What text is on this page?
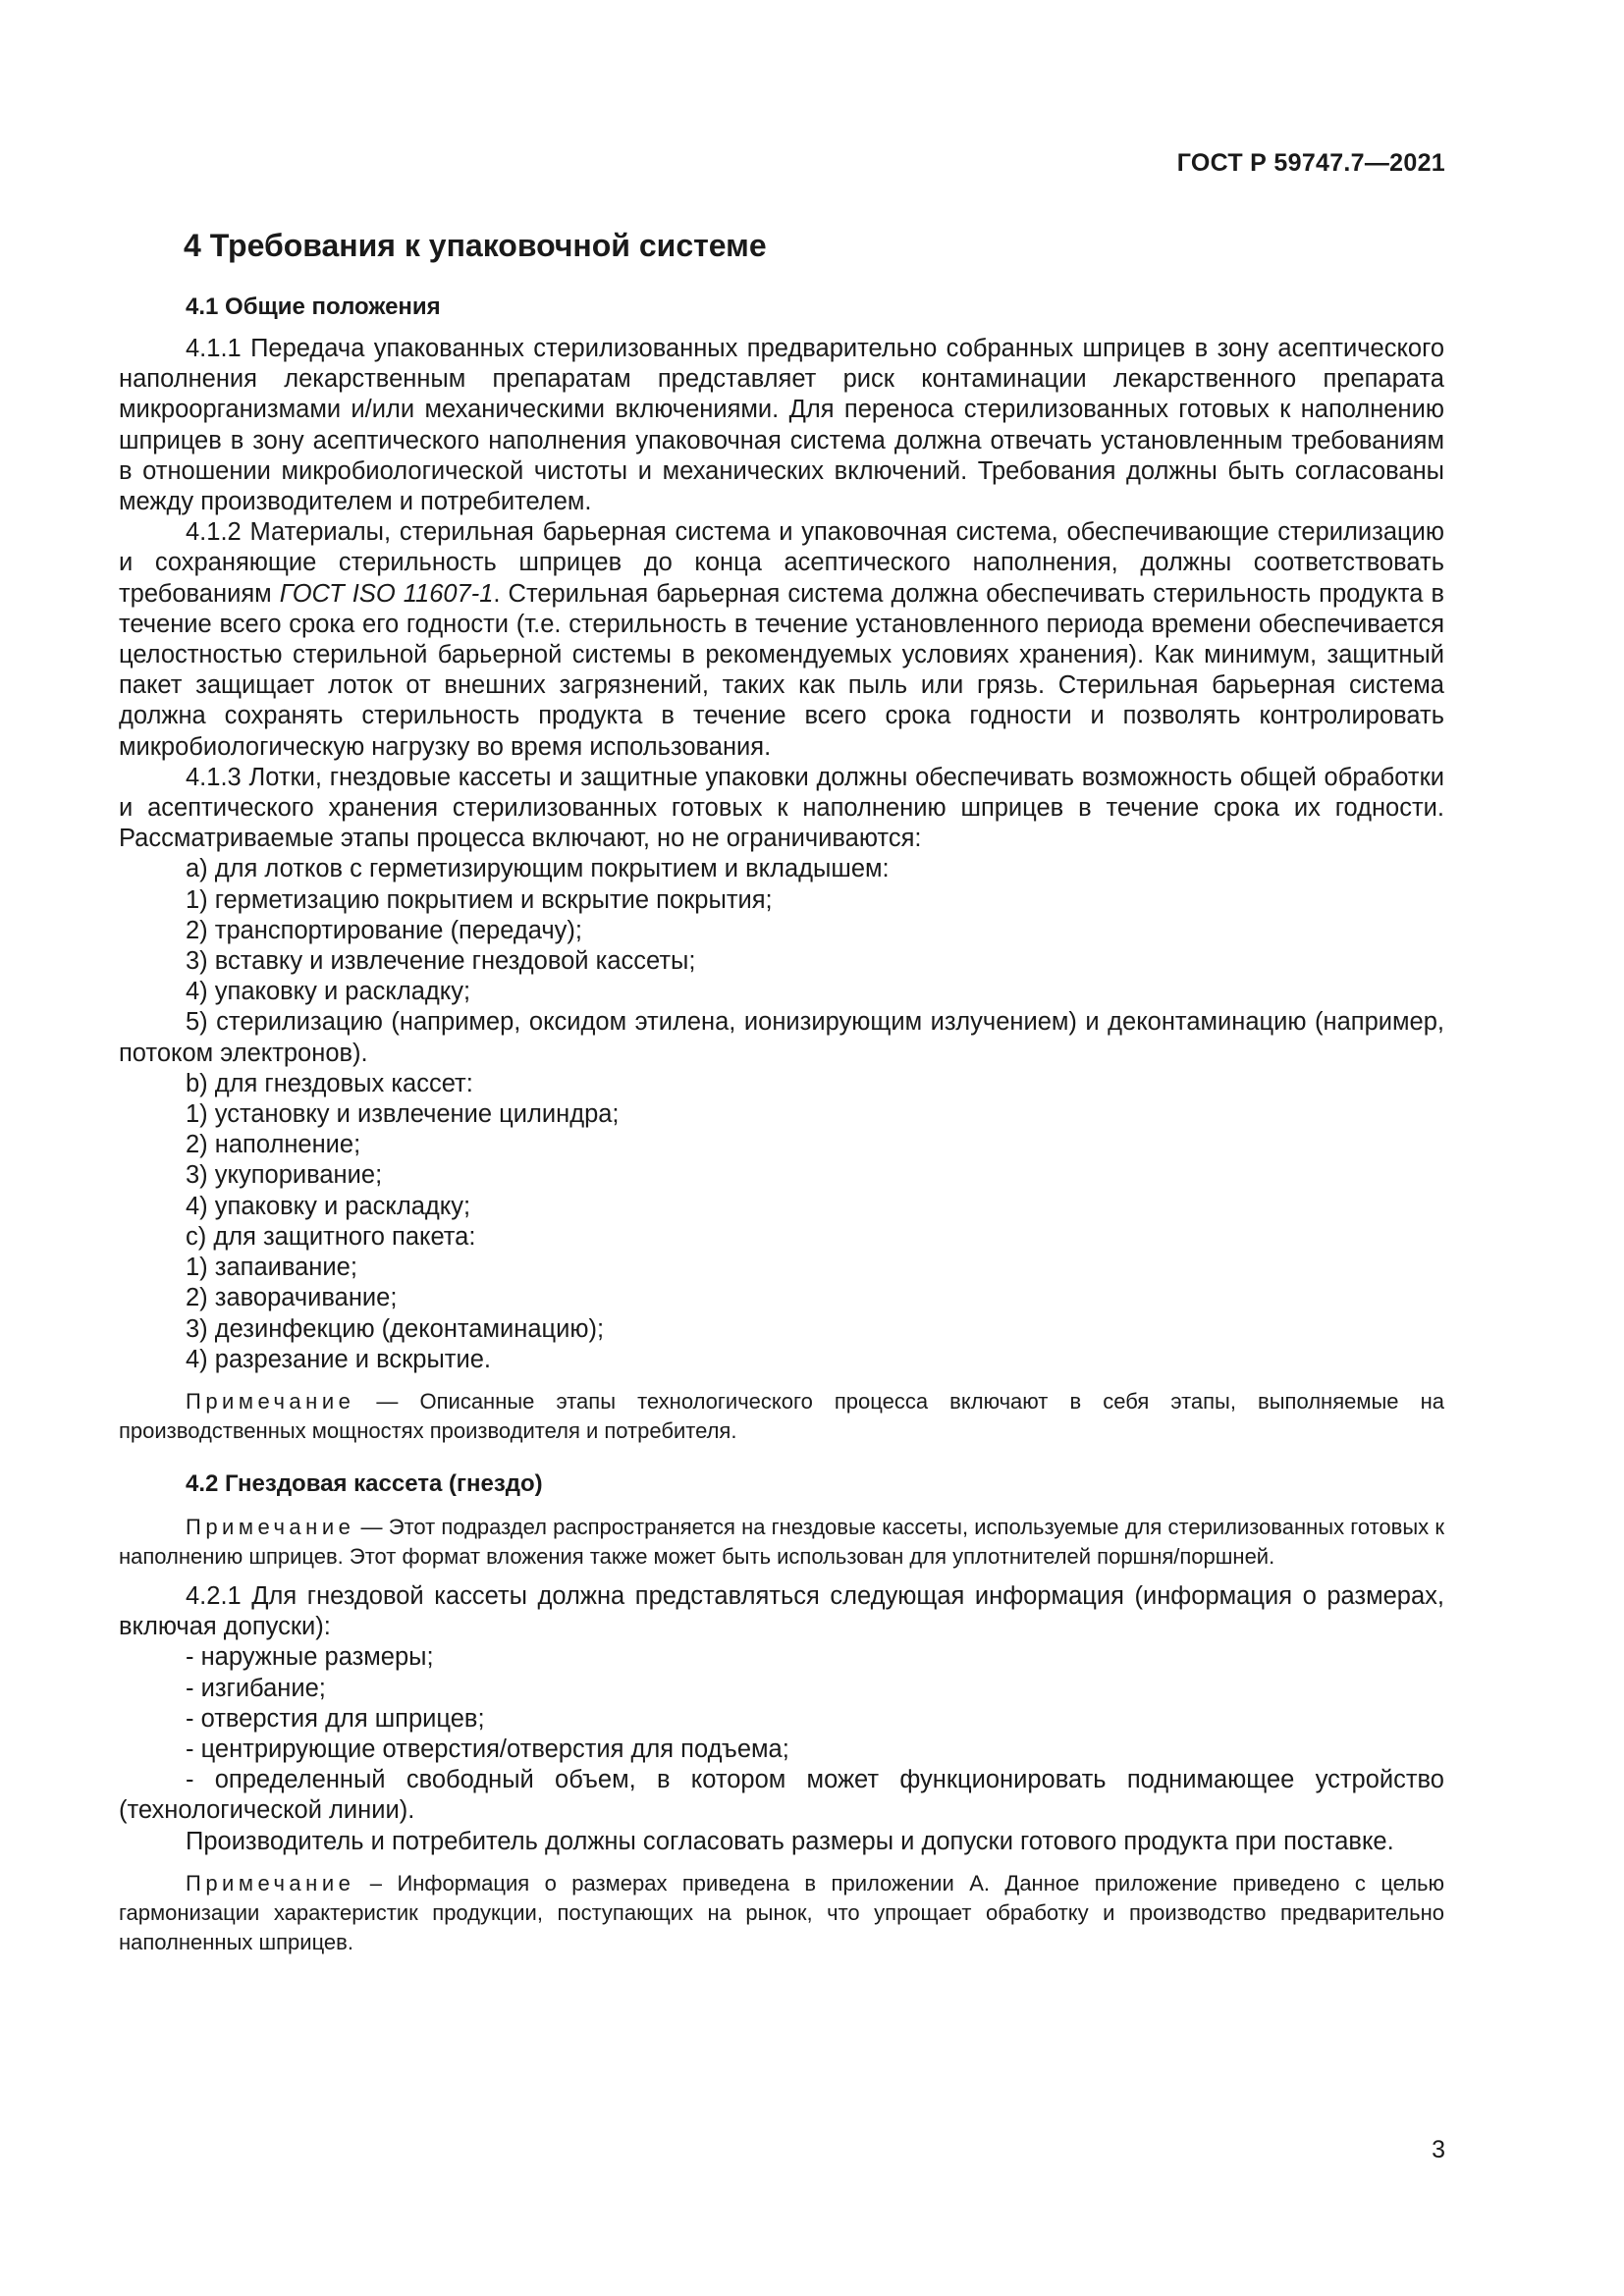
ГОСТ Р 59747.7—2021
4 Требования к упаковочной системе
4.1 Общие положения

4.1.1 Передача упакованных стерилизованных предварительно собранных шприцев в зону асептического наполнения лекарственным препаратам представляет риск контаминации лекарственного препарата микроорганизмами и/или механическими включениями. Для переноса стерилизованных готовых к наполнению шприцев в зону асептического наполнения упаковочная система должна отвечать установленным требованиям в отношении микробиологической чистоты и механических включений. Требования должны быть согласованы между производителем и потребителем.

4.1.2 Материалы, стерильная барьерная система и упаковочная система, обеспечивающие стерилизацию и сохраняющие стерильность шприцев до конца асептического наполнения, должны соответствовать требованиям ГОСТ ISO 11607-1. Стерильная барьерная система должна обеспечивать стерильность продукта в течение всего срока его годности (т.е. стерильность в течение установленного периода времени обеспечивается целостностью стерильной барьерной системы в рекомендуемых условиях хранения). Как минимум, защитный пакет защищает лоток от внешних загрязнений, таких как пыль или грязь. Стерильная барьерная система должна сохранять стерильность продукта в течение всего срока годности и позволять контролировать микробиологическую нагрузку во время использования.

4.1.3 Лотки, гнездовые кассеты и защитные упаковки должны обеспечивать возможность общей обработки и асептического хранения стерилизованных готовых к наполнению шприцев в течение срока их годности. Рассматриваемые этапы процесса включают, но не ограничиваются:

a) для лотков с герметизирующим покрытием и вкладышем:

1) герметизацию покрытием и вскрытие покрытия;

2) транспортирование (передачу);

3) вставку и извлечение гнездовой кассеты;

4) упаковку и раскладку;

5) стерилизацию (например, оксидом этилена, ионизирующим излучением) и деконтаминацию (например, потоком электронов).

b) для гнездовых кассет:

1) установку и извлечение цилиндра;

2) наполнение;

3) укупоривание;

4) упаковку и раскладку;

c) для защитного пакета:

1) запаивание;

2) заворачивание;

3) дезинфекцию (деконтаминацию);

4) разрезание и вскрытие.

Примечание — Описанные этапы технологического процесса включают в себя этапы, выполняемые на производственных мощностях производителя и потребителя.

4.2 Гнездовая кассета (гнездо)

Примечание — Этот подраздел распространяется на гнездовые кассеты, используемые для стерилизованных готовых к наполнению шприцев. Этот формат вложения также может быть использован для уплотнителей поршня/поршней.

4.2.1 Для гнездовой кассеты должна представляться следующая информация (информация о размерах, включая допуски):

- наружные размеры;

- изгибание;

- отверстия для шприцев;

- центрирующие отверстия/отверстия для подъема;

- определенный свободный объем, в котором может функционировать поднимающее устройство (технологической линии).

Производитель и потребитель должны согласовать размеры и допуски готового продукта при поставке.

Примечание – Информация о размерах приведена в приложении А. Данное приложение приведено с целью гармонизации характеристик продукции, поступающих на рынок, что упрощает обработку и производство предварительно наполненных шприцев.

3
